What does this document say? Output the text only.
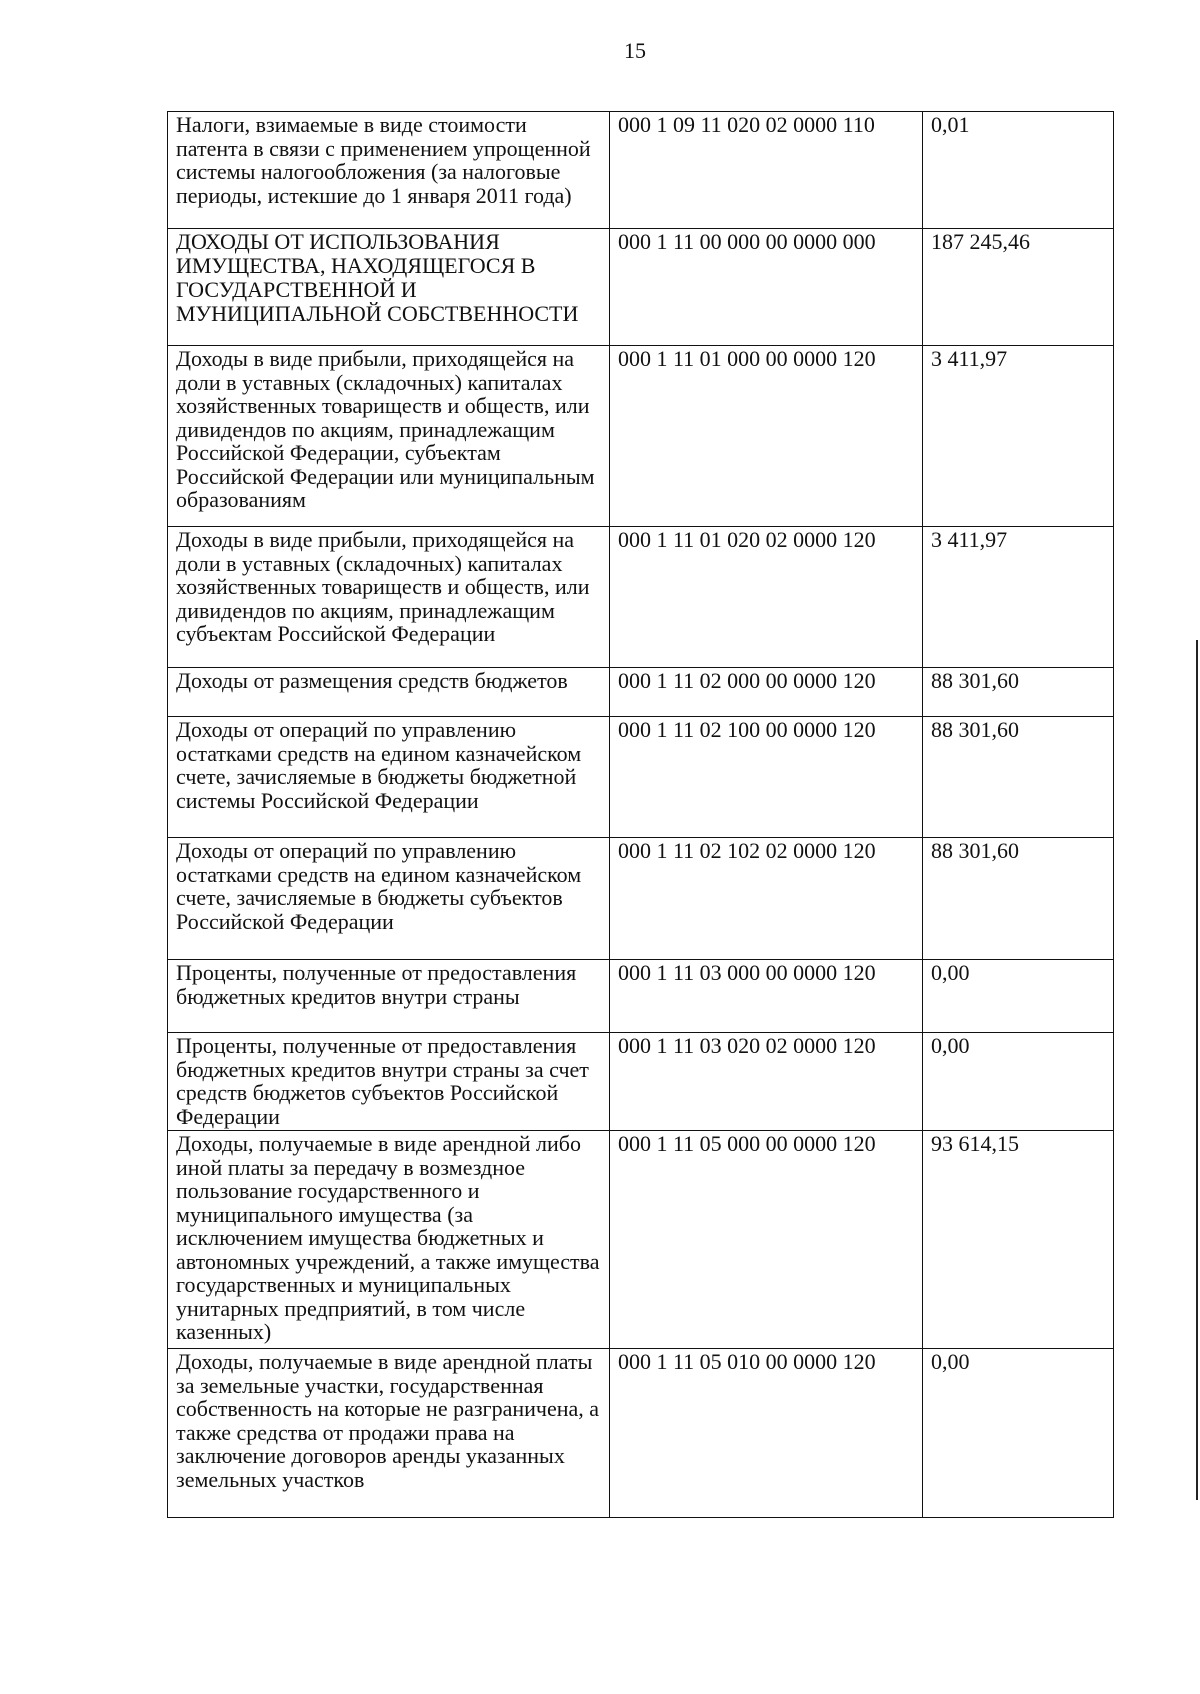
15
Налоги, взимаемые в виде стоимости патента в связи с применением упрощенной системы налогообложения (за налоговые периоды, истекшие до 1 января 2011 года)	000 1 09 11 020 02 0000 110	0,01
ДОХОДЫ ОТ ИСПОЛЬЗОВАНИЯ ИМУЩЕСТВА, НАХОДЯЩЕГОСЯ В ГОСУДАРСТВЕННОЙ И МУНИЦИПАЛЬНОЙ СОБСТВЕННОСТИ	000 1 11 00 000 00 0000 000	187 245,46
Доходы в виде прибыли, приходящейся на доли в уставных (складочных) капиталах хозяйственных товариществ и обществ, или дивидендов по акциям, принадлежащим Российской Федерации, субъектам Российской Федерации или муниципальным образованиям	000 1 11 01 000 00 0000 120	3 411,97
Доходы в виде прибыли, приходящейся на доли в уставных (складочных) капиталах хозяйственных товариществ и обществ, или дивидендов по акциям, принадлежащим субъектам Российской Федерации	000 1 11 01 020 02 0000 120	3 411,97
Доходы от размещения средств бюджетов	000 1 11 02 000 00 0000 120	88 301,60
Доходы от операций по управлению остатками средств на едином казначейском счете, зачисляемые в бюджеты бюджетной системы Российской Федерации	000 1 11 02 100 00 0000 120	88 301,60
Доходы от операций по управлению остатками средств на едином казначейском счете, зачисляемые в бюджеты субъектов Российской Федерации	000 1 11 02 102 02 0000 120	88 301,60
Проценты, полученные от предоставления бюджетных кредитов внутри страны	000 1 11 03 000 00 0000 120	0,00
Проценты, полученные от предоставления бюджетных кредитов внутри страны за счет средств бюджетов субъектов Российской Федерации	000 1 11 03 020 02 0000 120	0,00
Доходы, получаемые в виде арендной либо иной платы за передачу в возмездное пользование государственного и муниципального имущества (за исключением имущества бюджетных и автономных учреждений, а также имущества государственных и муниципальных унитарных предприятий, в том числе казенных)	000 1 11 05 000 00 0000 120	93 614,15
Доходы, получаемые в виде арендной платы за земельные участки, государственная собственность на которые не разграничена, а также средства от продажи права на заключение договоров аренды указанных земельных участков	000 1 11 05 010 00 0000 120	0,00
